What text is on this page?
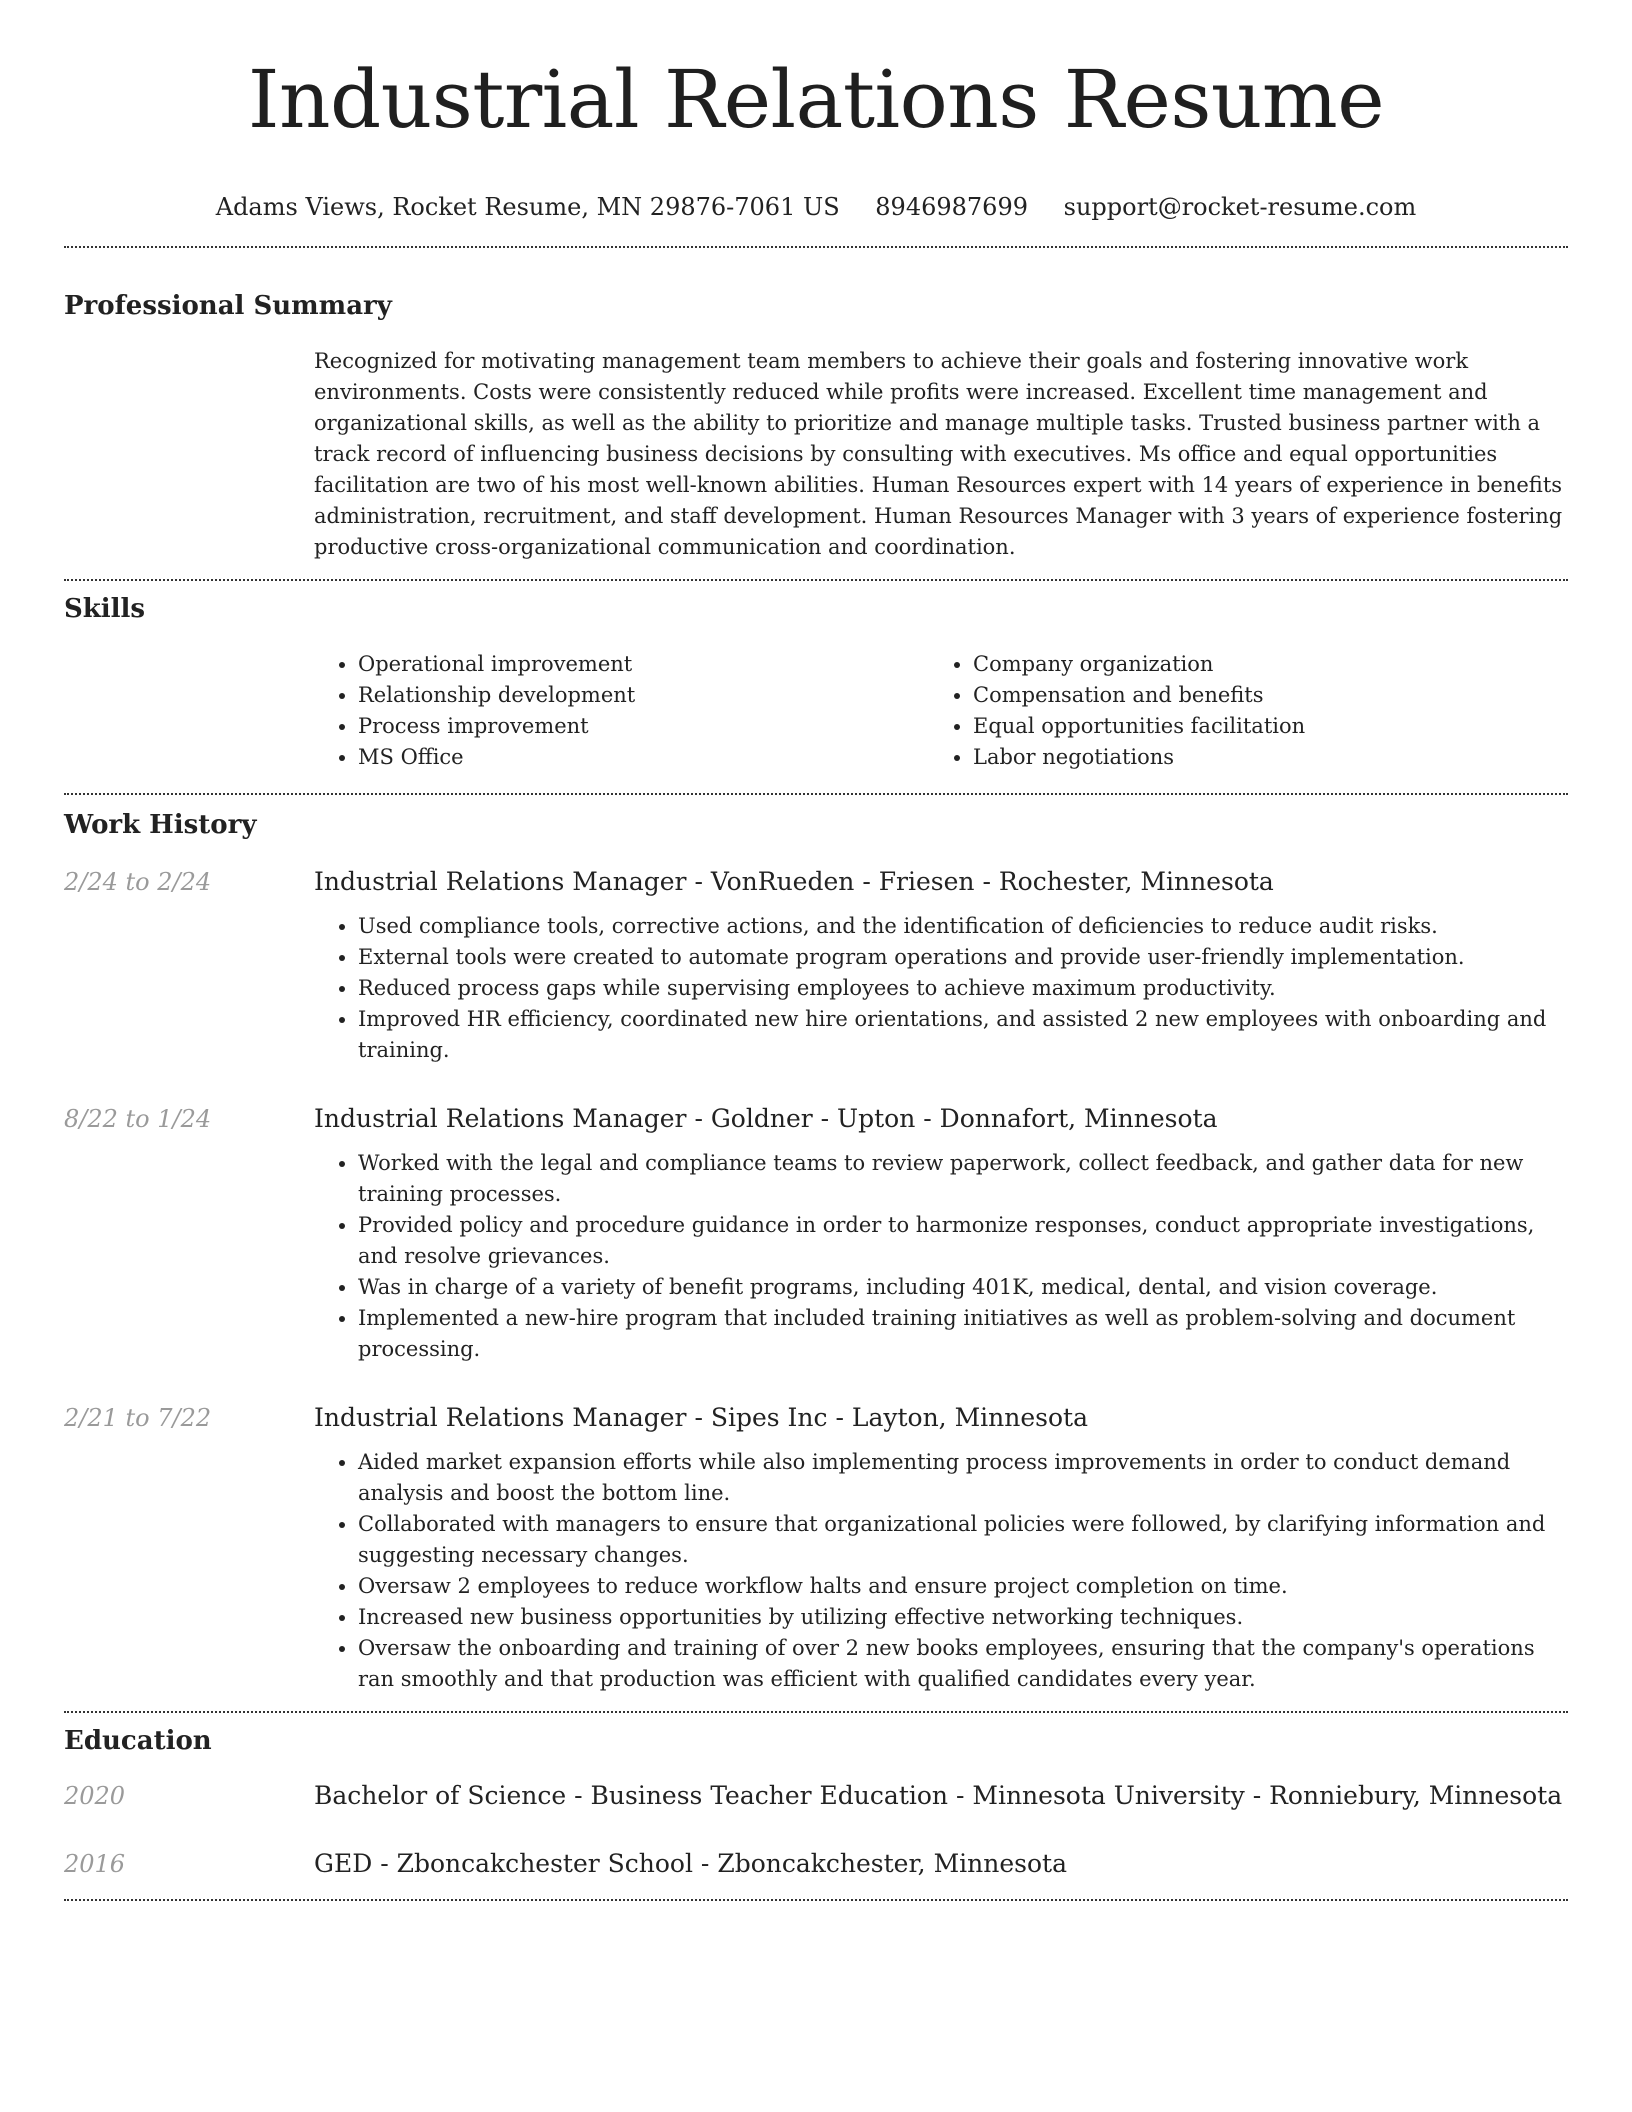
Industrial Relations Resume
Adams Views, Rocket Resume, MN 29876-7061 US 8946987699 support@rocket-resume.com
Professional Summary

Recognized for motivating management team members to achieve their goals and fostering innovative work environments. Costs were consistently reduced while profits were increased. Excellent time management and organizational skills, as well as the ability to prioritize and manage multiple tasks. Trusted business partner with a track record of influencing business decisions by consulting with executives. Ms office and equal opportunities facilitation are two of his most well-known abilities. Human Resources expert with 14 years of experience in benefits administration, recruitment, and staff development. Human Resources Manager with 3 years of experience fostering productive cross-organizational communication and coordination.

Skills
• Operational improvement
• Relationship development
• Process improvement
• MS Office
• Company organization
• Compensation and benefits
• Equal opportunities facilitation
• Labor negotiations
Work History
2/24 to 2/24	Industrial Relations Manager - VonRueden - Friesen - Rochester, Minnesota
• Used compliance tools, corrective actions, and the identification of deficiencies to reduce audit risks.
• External tools were created to automate program operations and provide user-friendly implementation.
• Reduced process gaps while supervising employees to achieve maximum productivity.
• Improved HR efficiency, coordinated new hire orientations, and assisted 2 new employees with onboarding and training.
8/22 to 1/24	Industrial Relations Manager - Goldner - Upton - Donnafort, Minnesota
• Worked with the legal and compliance teams to review paperwork, collect feedback, and gather data for new training processes.
• Provided policy and procedure guidance in order to harmonize responses, conduct appropriate investigations, and resolve grievances.
• Was in charge of a variety of benefit programs, including 401K, medical, dental, and vision coverage.
• Implemented a new-hire program that included training initiatives as well as problem-solving and document processing.
2/21 to 7/22	Industrial Relations Manager - Sipes Inc - Layton, Minnesota
• Aided market expansion efforts while also implementing process improvements in order to conduct demand analysis and boost the bottom line.
• Collaborated with managers to ensure that organizational policies were followed, by clarifying information and suggesting necessary changes.
• Oversaw 2 employees to reduce workflow halts and ensure project completion on time.
• Increased new business opportunities by utilizing effective networking techniques.
• Oversaw the onboarding and training of over 2 new books employees, ensuring that the company's operations ran smoothly and that production was efficient with qualified candidates every year.
Education
2020	Bachelor of Science - Business Teacher Education - Minnesota University - Ronniebury, Minnesota
2016	GED - Zboncakchester School - Zboncakchester, Minnesota
